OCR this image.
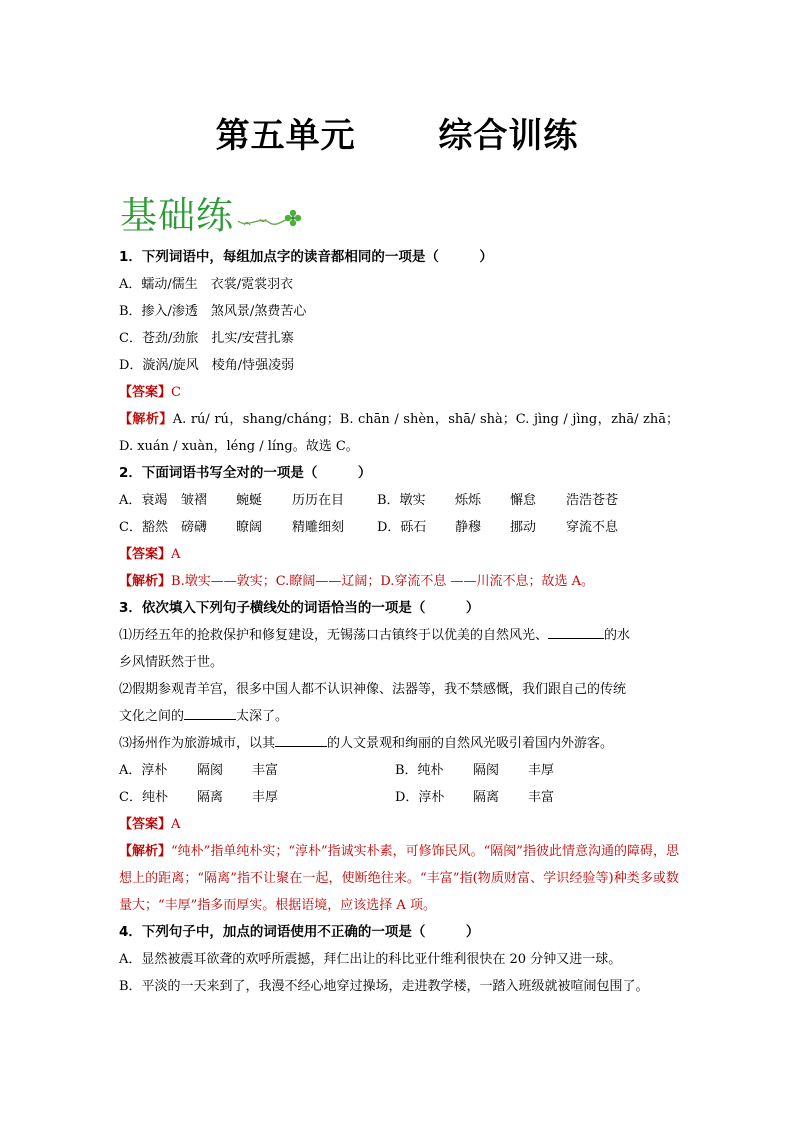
第五单元　　 综合训练
基础练
1．下列词语中，每组加点字的读音都相同的一项是（　　　）
A．蠕动/儒生　衣裳/霓裳羽衣
B．掺入/渗透　煞风景/煞费苦心
C．苍劲/劲旅　扎实/安营扎寨
D．漩涡/旋风　棱角/恃强凌弱
【答案】C
【解析】A. rú/ rú，shang/cháng；B. chān / shèn，shā/ shà；C. jìng / jìng，zhā/ zhā；D. xuán / xuàn，léng / líng。故选 C。
2．下面词语书写全对的一项是（　　　）
A．衰竭	皱褶	蜿蜒	历历在目	B．墩实	烁烁	懈怠	浩浩苍苍
C．豁然	磅礴	瞭阔	精雕细刻	D．砾石	静穆	挪动	穿流不息
【答案】A
【解析】B.墩实——敦实；C.瞭阔——辽阔；D.穿流不息 ——川流不息；故选 A。
3．依次填入下列句子横线处的词语恰当的一项是（　　　）
⑴历经五年的抢救保护和修复建设，无锡荡口古镇终于以优美的自然风光、	的水
乡风情跃然于世。
⑵假期参观青羊宫，很多中国人都不认识神像、法器等，我不禁感慨，我们跟自己的传统
文化之间的	太深了。
⑶扬州作为旅游城市，以其	的人文景观和绚丽的自然风光吸引着国内外游客。
A．淳朴	隔阂	丰富	B．纯朴	隔阂	丰厚
C．纯朴	隔离	丰厚	D．淳朴	隔离	丰富
【答案】A
【解析】“纯朴”指单纯朴实；“淳朴”指诚实朴素，可修饰民风。“隔阂”指彼此情意沟通的障碍，思想上的距离；“隔离”指不让聚在一起，使断绝往来。“丰富”指(物质财富、学识经验等)种类多或数量大；“丰厚”指多而厚实。根据语境，应该选择 A 项。
4．下列句子中，加点的词语使用不正确的一项是（　　　）
A．显然被震耳欲聋的欢呼所震撼，拜仁出让的科比亚什维利很快在 20 分钟又进一球。
B．平淡的一天来到了，我漫不经心地穿过操场，走进教学楼，一踏入班级就被喧闹包围了。
